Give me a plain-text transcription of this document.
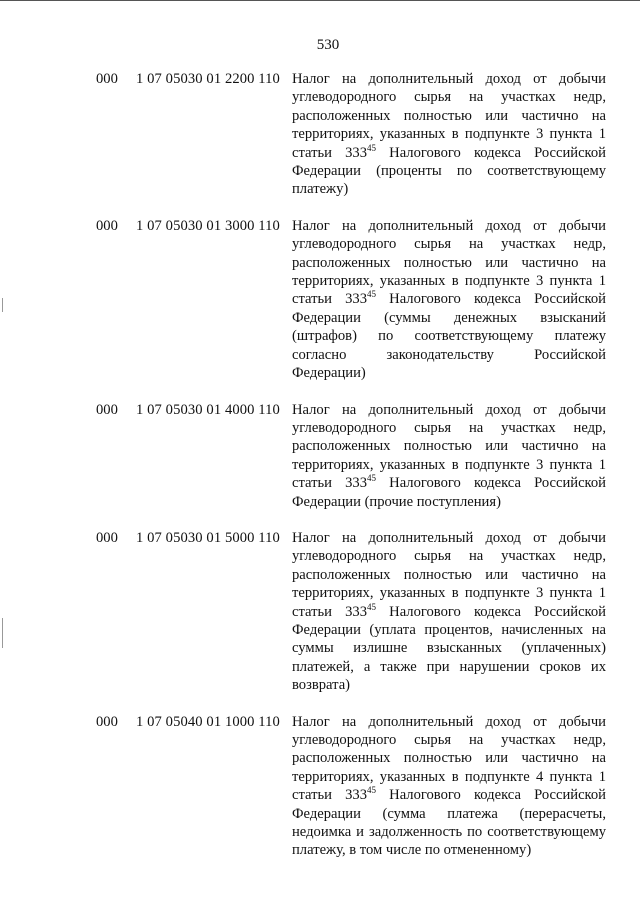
530
000	1 07 05030 01 2200 110 Налог на дополнительный доход от добычи углеводородного сырья на участках недр, расположенных полностью или частично на территориях, указанных в подпункте 3 пункта 1 статьи $333^{45}$ Налогового кодекса Российской Федерации (проценты по соответствующему платежу)
000	1 07 05030 01 3000 110 Налог на дополнительный доход от добычи углеводородного сырья на участках недр, расположенных полностью или частично на территориях, указанных в подпункте 3 пункта 1 статьи $333^{45}$ Налогового кодекса Российской Федерации (суммы денежных взысканий (штрафов) по соответствующему платежу согласно законодательству Российской Федерации)
000	1 07 05030 01 4000 110 Налог на дополнительный доход от добычи углеводородного сырья на участках недр, расположенных полностью или частично на территориях, указанных в подпункте 3 пункта 1 статьи $333^{45}$ Налогового кодекса Российской Федерации (прочие поступления)
000	1 07 05030 01 5000 110 Налог на дополнительный доход от добычи углеводородного сырья на участках недр, расположенных полностью или частично на территориях, указанных в подпункте 3 пункта 1 статьи $333^{45}$ Налогового кодекса Российской Федерации (уплата процентов, начисленных на суммы излишне взысканных (уплаченных) платежей, а также при нарушении сроков их возврата)
000	1 07 05040 01 1000 110 Налог на дополнительный доход от добычи углеводородного сырья на участках недр, расположенных полностью или частично на территориях, указанных в подпункте 4 пункта 1 статьи $333^{45}$ Налогового кодекса Российской Федерации (сумма платежа (перерасчеты, недоимка и задолженность по соответствующему платежу, в том числе по отмененному)
